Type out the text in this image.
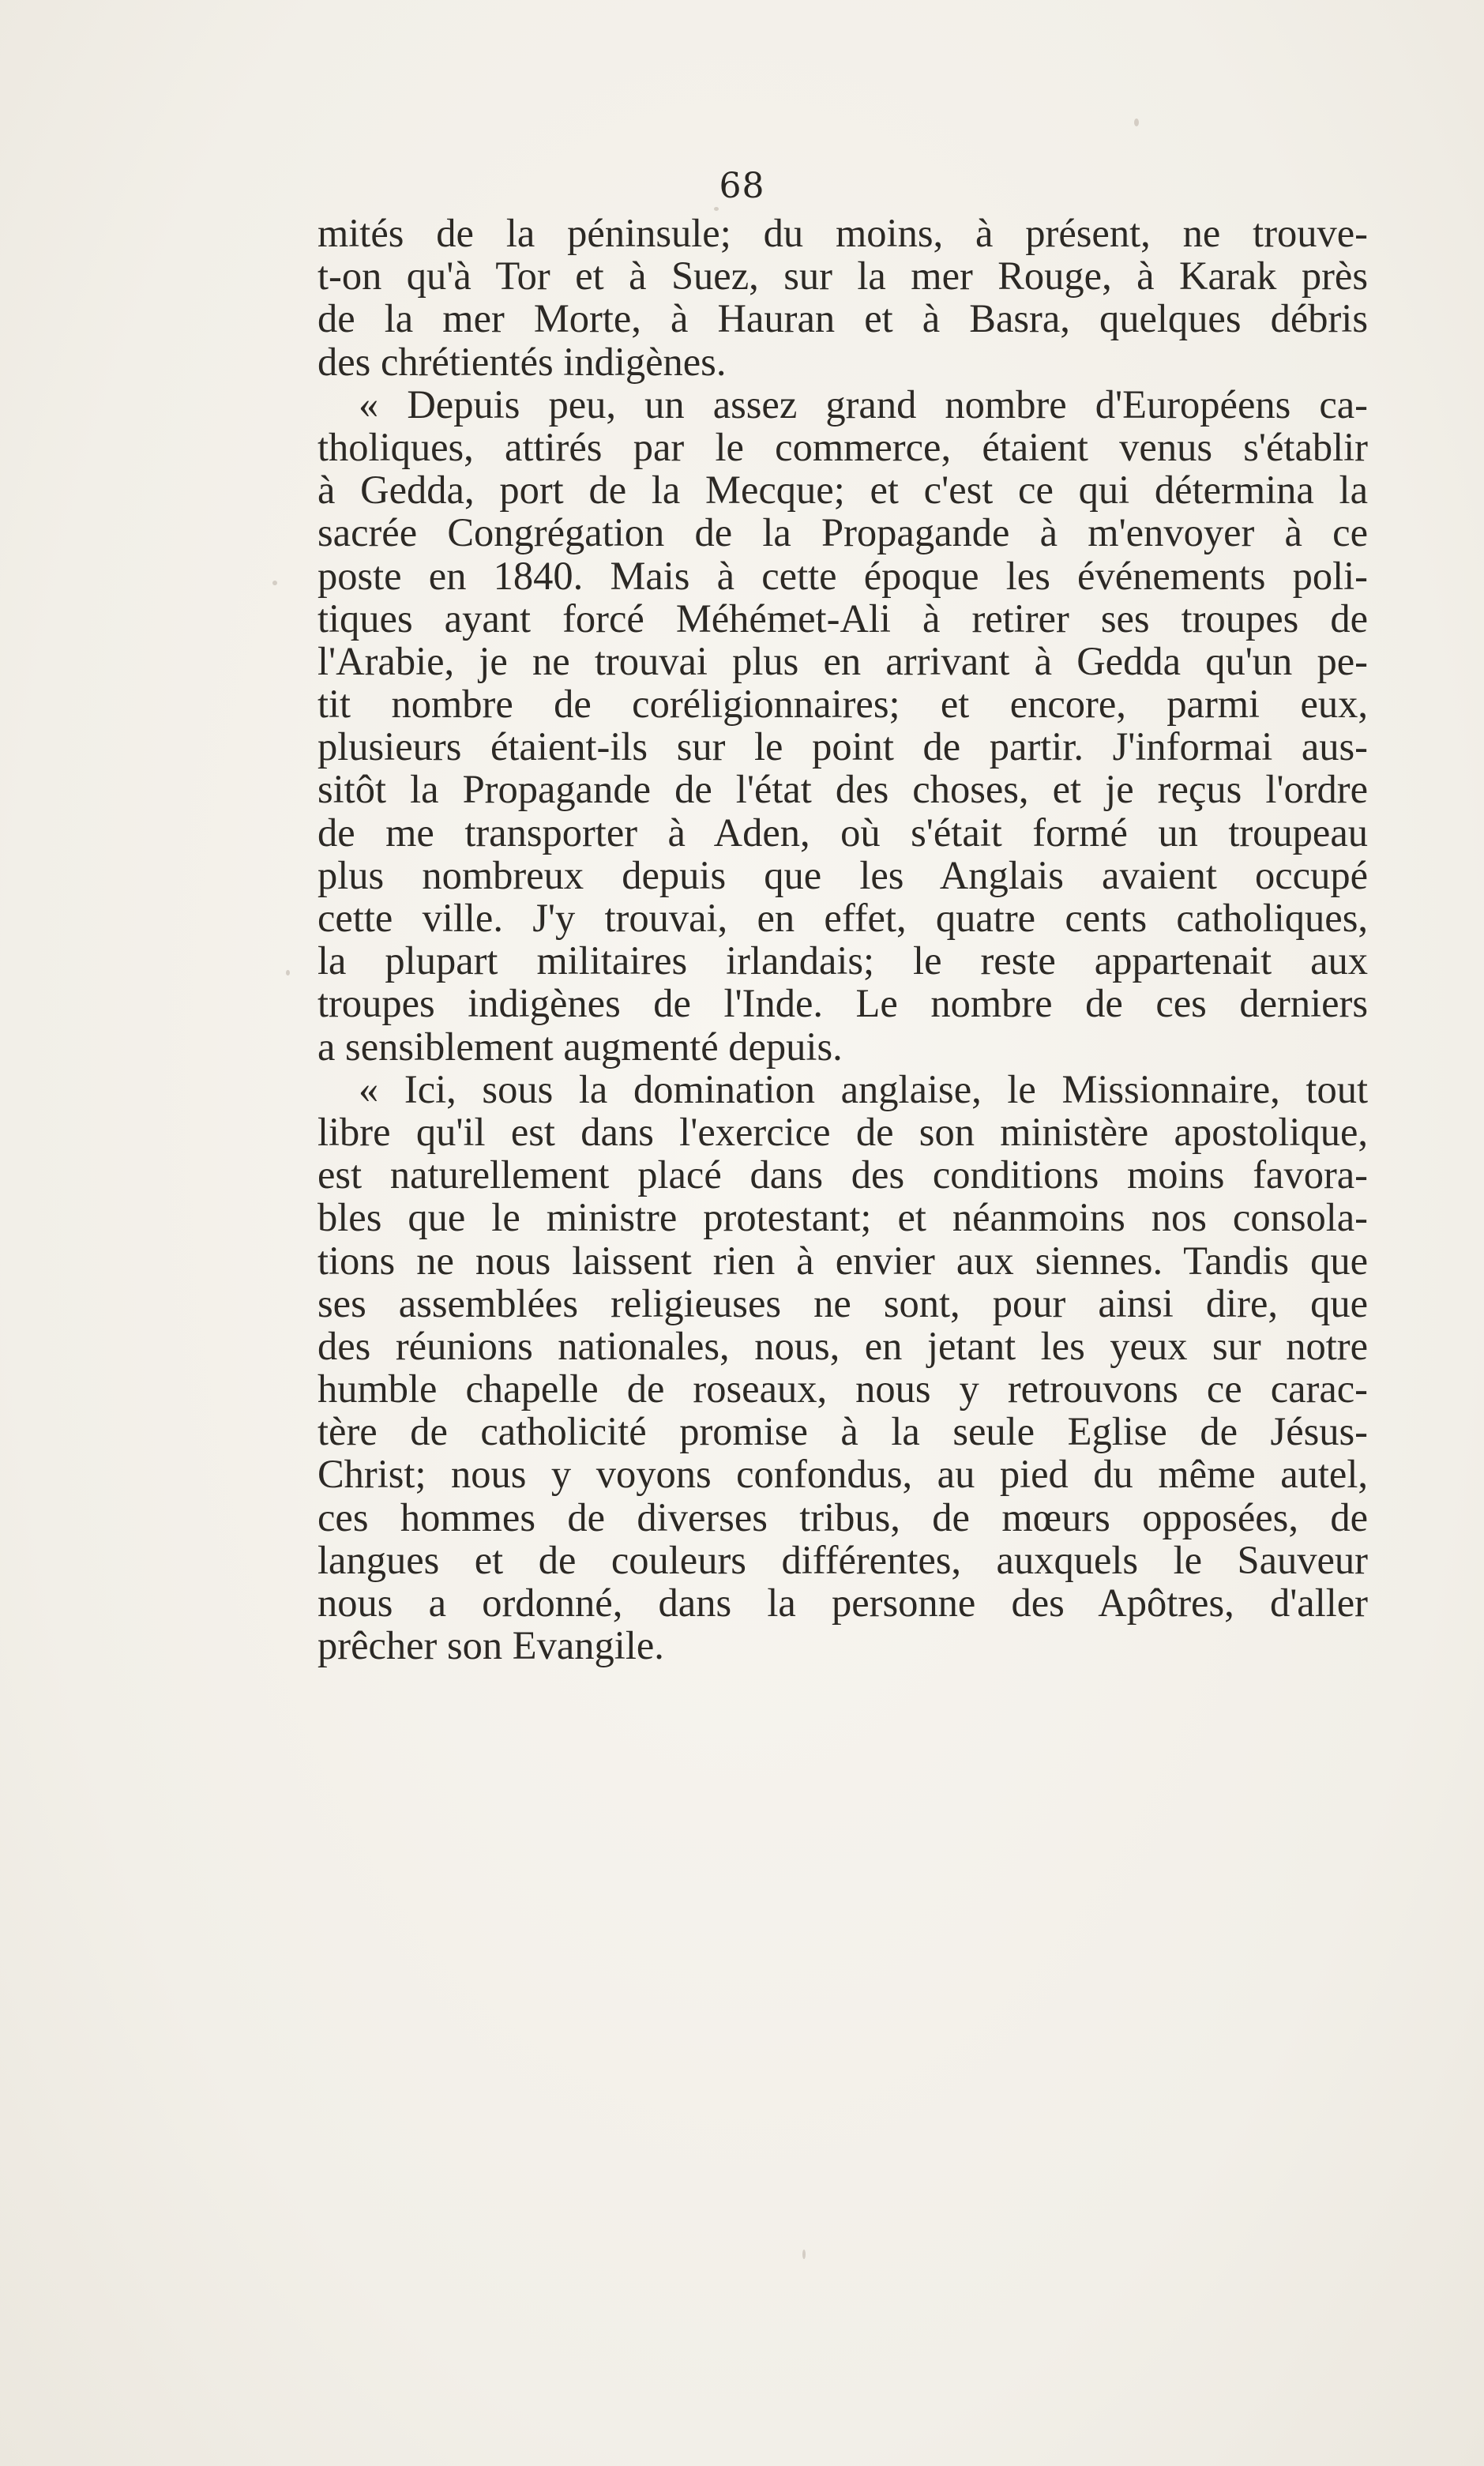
68
mités de la péninsule; du moins, à présent, ne trouve-
t-on qu'à Tor et à Suez, sur la mer Rouge, à Karak près
de la mer Morte, à Hauran et à Basra, quelques débris
des chrétientés indigènes.
« Depuis peu, un assez grand nombre d'Européens ca-
tholiques, attirés par le commerce, étaient venus s'établir
à Gedda, port de la Mecque; et c'est ce qui détermina la
sacrée Congrégation de la Propagande à m'envoyer à ce
poste en 1840. Mais à cette époque les événements poli-
tiques ayant forcé Méhémet-Ali à retirer ses troupes de
l'Arabie, je ne trouvai plus en arrivant à Gedda qu'un pe-
tit nombre de coréligionnaires; et encore, parmi eux,
plusieurs étaient-ils sur le point de partir. J'informai aus-
sitôt la Propagande de l'état des choses, et je reçus l'ordre
de me transporter à Aden, où s'était formé un troupeau
plus nombreux depuis que les Anglais avaient occupé
cette ville. J'y trouvai, en effet, quatre cents catholiques,
la plupart militaires irlandais; le reste appartenait aux
troupes indigènes de l'Inde. Le nombre de ces derniers
a sensiblement augmenté depuis.
« Ici, sous la domination anglaise, le Missionnaire, tout
libre qu'il est dans l'exercice de son ministère apostolique,
est naturellement placé dans des conditions moins favora-
bles que le ministre protestant; et néanmoins nos consola-
tions ne nous laissent rien à envier aux siennes. Tandis que
ses assemblées religieuses ne sont, pour ainsi dire, que
des réunions nationales, nous, en jetant les yeux sur notre
humble chapelle de roseaux, nous y retrouvons ce carac-
tère de catholicité promise à la seule Eglise de Jésus-
Christ; nous y voyons confondus, au pied du même autel,
ces hommes de diverses tribus, de mœurs opposées, de
langues et de couleurs différentes, auxquels le Sauveur
nous a ordonné, dans la personne des Apôtres, d'aller
prêcher son Evangile.
